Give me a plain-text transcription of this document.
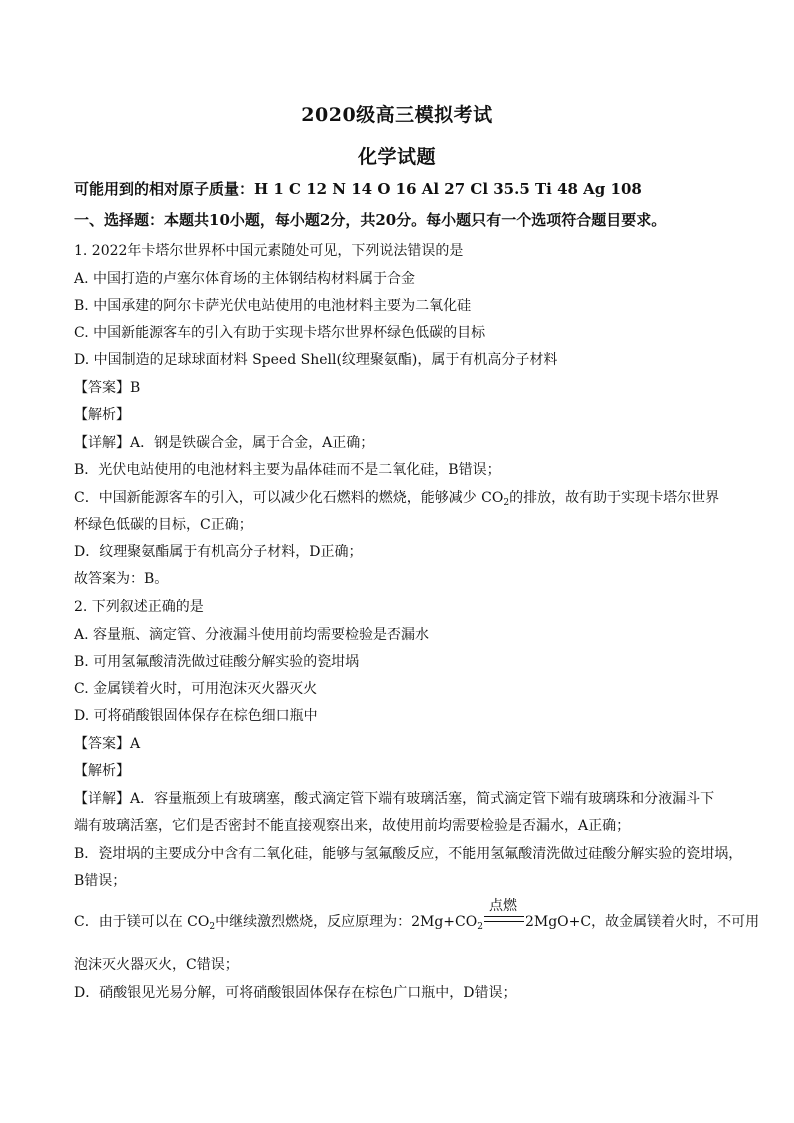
2020级高三模拟考试
化学试题
可能用到的相对原子质量：H 1 C 12 N 14 O 16 Al 27 Cl 35.5 Ti 48 Ag 108
一、选择题：本题共10小题，每小题2分，共20分。每小题只有一个选项符合题目要求。
1. 2022年卡塔尔世界杯中国元素随处可见，下列说法错误的是
A. 中国打造的卢塞尔体育场的主体钢结构材料属于合金
B. 中国承建的阿尔卡萨光伏电站使用的电池材料主要为二氧化硅
C. 中国新能源客车的引入有助于实现卡塔尔世界杯绿色低碳的目标
D. 中国制造的足球球面材料 Speed Shell(纹理聚氨酯)，属于有机高分子材料
【答案】B
【解析】
【详解】A．钢是铁碳合金，属于合金，A正确；
B．光伏电站使用的电池材料主要为晶体硅而不是二氧化硅，B错误；
C．中国新能源客车的引入，可以减少化石燃料的燃烧，能够减少 $CO_2$的排放，故有助于实现卡塔尔世界
杯绿色低碳的目标，C正确；
D．纹理聚氨酯属于有机高分子材料，D正确；
故答案为：B。
2. 下列叙述正确的是
A. 容量瓶、滴定管、分液漏斗使用前均需要检验是否漏水
B. 可用氢氟酸清洗做过硅酸分解实验的瓷坩埚
C. 金属镁着火时，可用泡沫灭火器灭火
D. 可将硝酸银固体保存在棕色细口瓶中
【答案】A
【解析】
【详解】A．容量瓶颈上有玻璃塞，酸式滴定管下端有玻璃活塞，简式滴定管下端有玻璃珠和分液漏斗下
端有玻璃活塞，它们是否密封不能直接观察出来，故使用前均需要检验是否漏水，A正确；
B．瓷坩埚的主要成分中含有二氧化硅，能够与氢氟酸反应，不能用氢氟酸清洗做过硅酸分解实验的瓷坩埚，
B错误；
C．由于镁可以在 $CO_2$中继续激烈燃烧，反应原理为：$2Mg+CO_2$
点燃
2MgO+C，故金属镁着火时，不可用
泡沫灭火器灭火，C错误；
D．硝酸银见光易分解，可将硝酸银固体保存在棕色广口瓶中，D错误；
